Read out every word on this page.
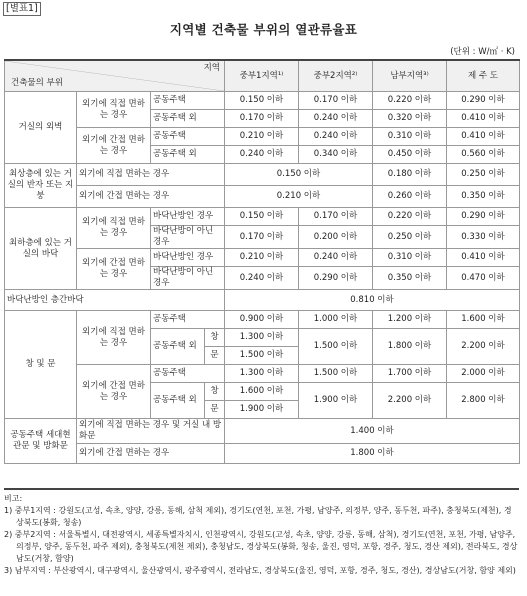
[별표1]
지역별 건축물 부위의 열관류율표
(단위 : W/㎡ · K)
지역
건축물의 부위				중부1지역¹⁾	중부2지역²⁾	남부지역³⁾	제 주 도
거실의 외벽	외기에 직접 면하는 경우	공동주택		0.150 이하	0.170 이하	0.220 이하	0.290 이하
		공동주택 외		0.170 이하	0.240 이하	0.320 이하	0.410 이하
	외기에 간접 면하는 경우	공동주택		0.210 이하	0.240 이하	0.310 이하	0.410 이하
		공동주택 외		0.240 이하	0.340 이하	0.450 이하	0.560 이하
최상층에 있는 거실의 반자 또는 지붕	외기에 직접 면하는 경우			0.150 이하		0.180 이하	0.250 이하
	외기에 간접 면하는 경우			0.210 이하		0.260 이하	0.350 이하
최하층에 있는 거실의 바닥	외기에 직접 면하는 경우	바닥난방인 경우		0.150 이하	0.170 이하	0.220 이하	0.290 이하
		바닥난방이 아닌 경우		0.170 이하	0.200 이하	0.250 이하	0.330 이하
	외기에 간접 면하는 경우	바닥난방인 경우		0.210 이하	0.240 이하	0.310 이하	0.410 이하
		바닥난방이 아닌 경우		0.240 이하	0.290 이하	0.350 이하	0.470 이하
바닥난방인 층간바닥				0.810 이하			
창 및 문	외기에 직접 면하는 경우	공동주택		0.900 이하	1.000 이하	1.200 이하	1.600 이하
		공동주택 외	창	1.300 이하	1.500 이하	1.800 이하	2.200 이하
			문	1.500 이하			
	외기에 간접 면하는 경우	공동주택		1.300 이하	1.500 이하	1.700 이하	2.000 이하
		공동주택 외	창	1.600 이하	1.900 이하	2.200 이하	2.800 이하
			문	1.900 이하			
공동주택 세대현관문 및 방화문	외기에 직접 면하는 경우 및 거실 내 방화문			1.400 이하			
	외기에 간접 면하는 경우			1.800 이하			

비고:

1) 중부1지역 : 강원도(고성, 속초, 양양, 강릉, 동해, 삼척 제외), 경기도(연천, 포천, 가평, 남양주, 의정부, 양주, 동두천, 파주), 충청북도(제천), 경상북도(봉화, 청송)

2) 중부2지역 : 서울특별시, 대전광역시, 세종특별자치시, 인천광역시, 강원도(고성, 속초, 양양, 강릉, 동해, 삼척), 경기도(연천, 포천, 가평, 남양주, 의정부, 양주, 동두천, 파주 제외), 충청북도(제천 제외), 충청남도, 경상북도(봉화, 청송, 울진, 영덕, 포항, 경주, 청도, 경산 제외), 전라북도, 경상남도(거창, 함양)

3) 남부지역 : 부산광역시, 대구광역시, 울산광역시, 광주광역시, 전라남도, 경상북도(울진, 영덕, 포항, 경주, 청도, 경산), 경상남도(거창, 함양 제외)
